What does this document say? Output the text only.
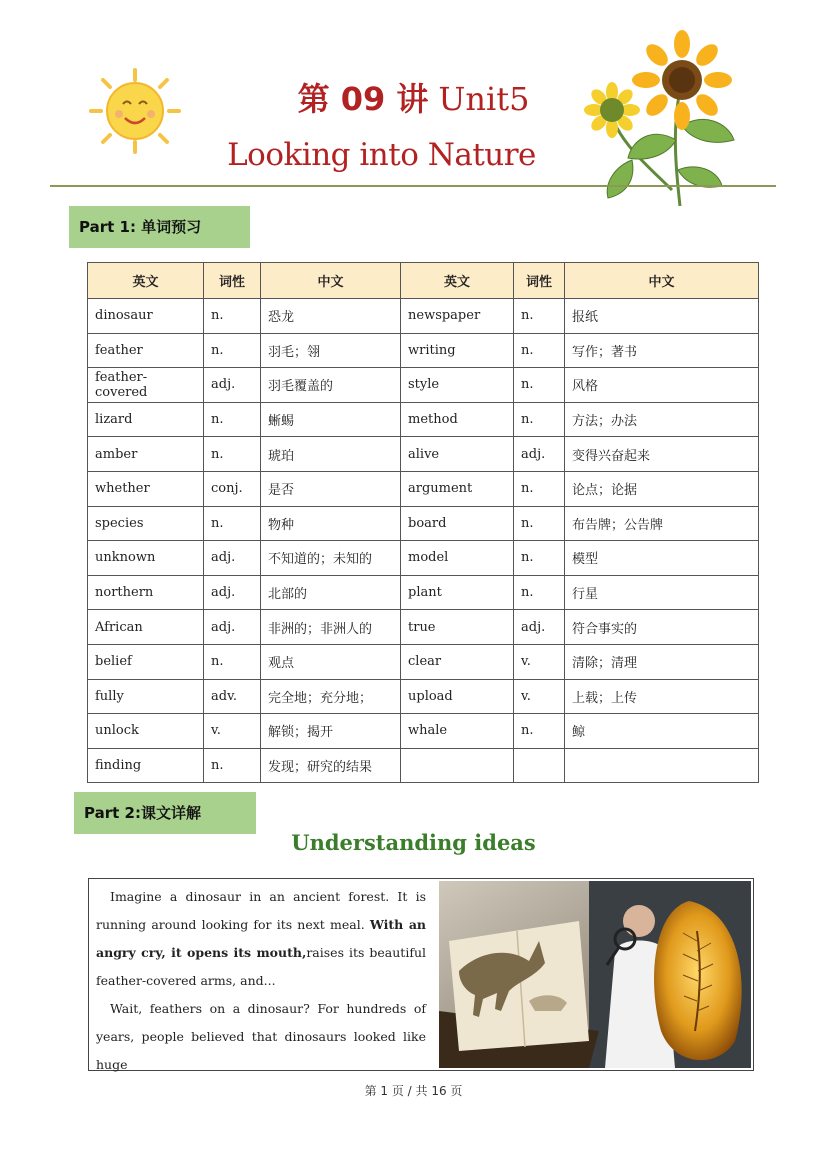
第 09 讲 Unit5
Looking into Nature
Part 1: 单词预习
英文	词性	中文	英文	词性	中文
dinosaur	n.	恐龙	newspaper	n.	报纸
feather	n.	羽毛；翎	writing	n.	写作；著书
feather-covered	adj.	羽毛覆盖的	style	n.	风格
lizard	n.	蜥蜴	method	n.	方法；办法
amber	n.	琥珀	alive	adj.	变得兴奋起来
whether	conj.	是否	argument	n.	论点；论据
species	n.	物种	board	n.	布告牌；公告牌
unknown	adj.	不知道的；未知的	model	n.	模型
northern	adj.	北部的	plant	n.	行星
African	adj.	非洲的；非洲人的	true	adj.	符合事实的
belief	n.	观点	clear	v.	清除；清理
fully	adv.	完全地；充分地；	upload	v.	上载；上传
unlock	v.	解锁；揭开	whale	n.	鲸
finding	n.	发现；研究的结果			
Part 2:课文详解
Understanding ideas

Imagine a dinosaur in an ancient forest. It is running around looking for its next meal. With an angry cry, it opens its mouth,raises its beautiful feather-covered arms, and...

Wait, feathers on a dinosaur? For hundreds of years, people believed that dinosaurs looked like huge

第 1 页 / 共 16 页
